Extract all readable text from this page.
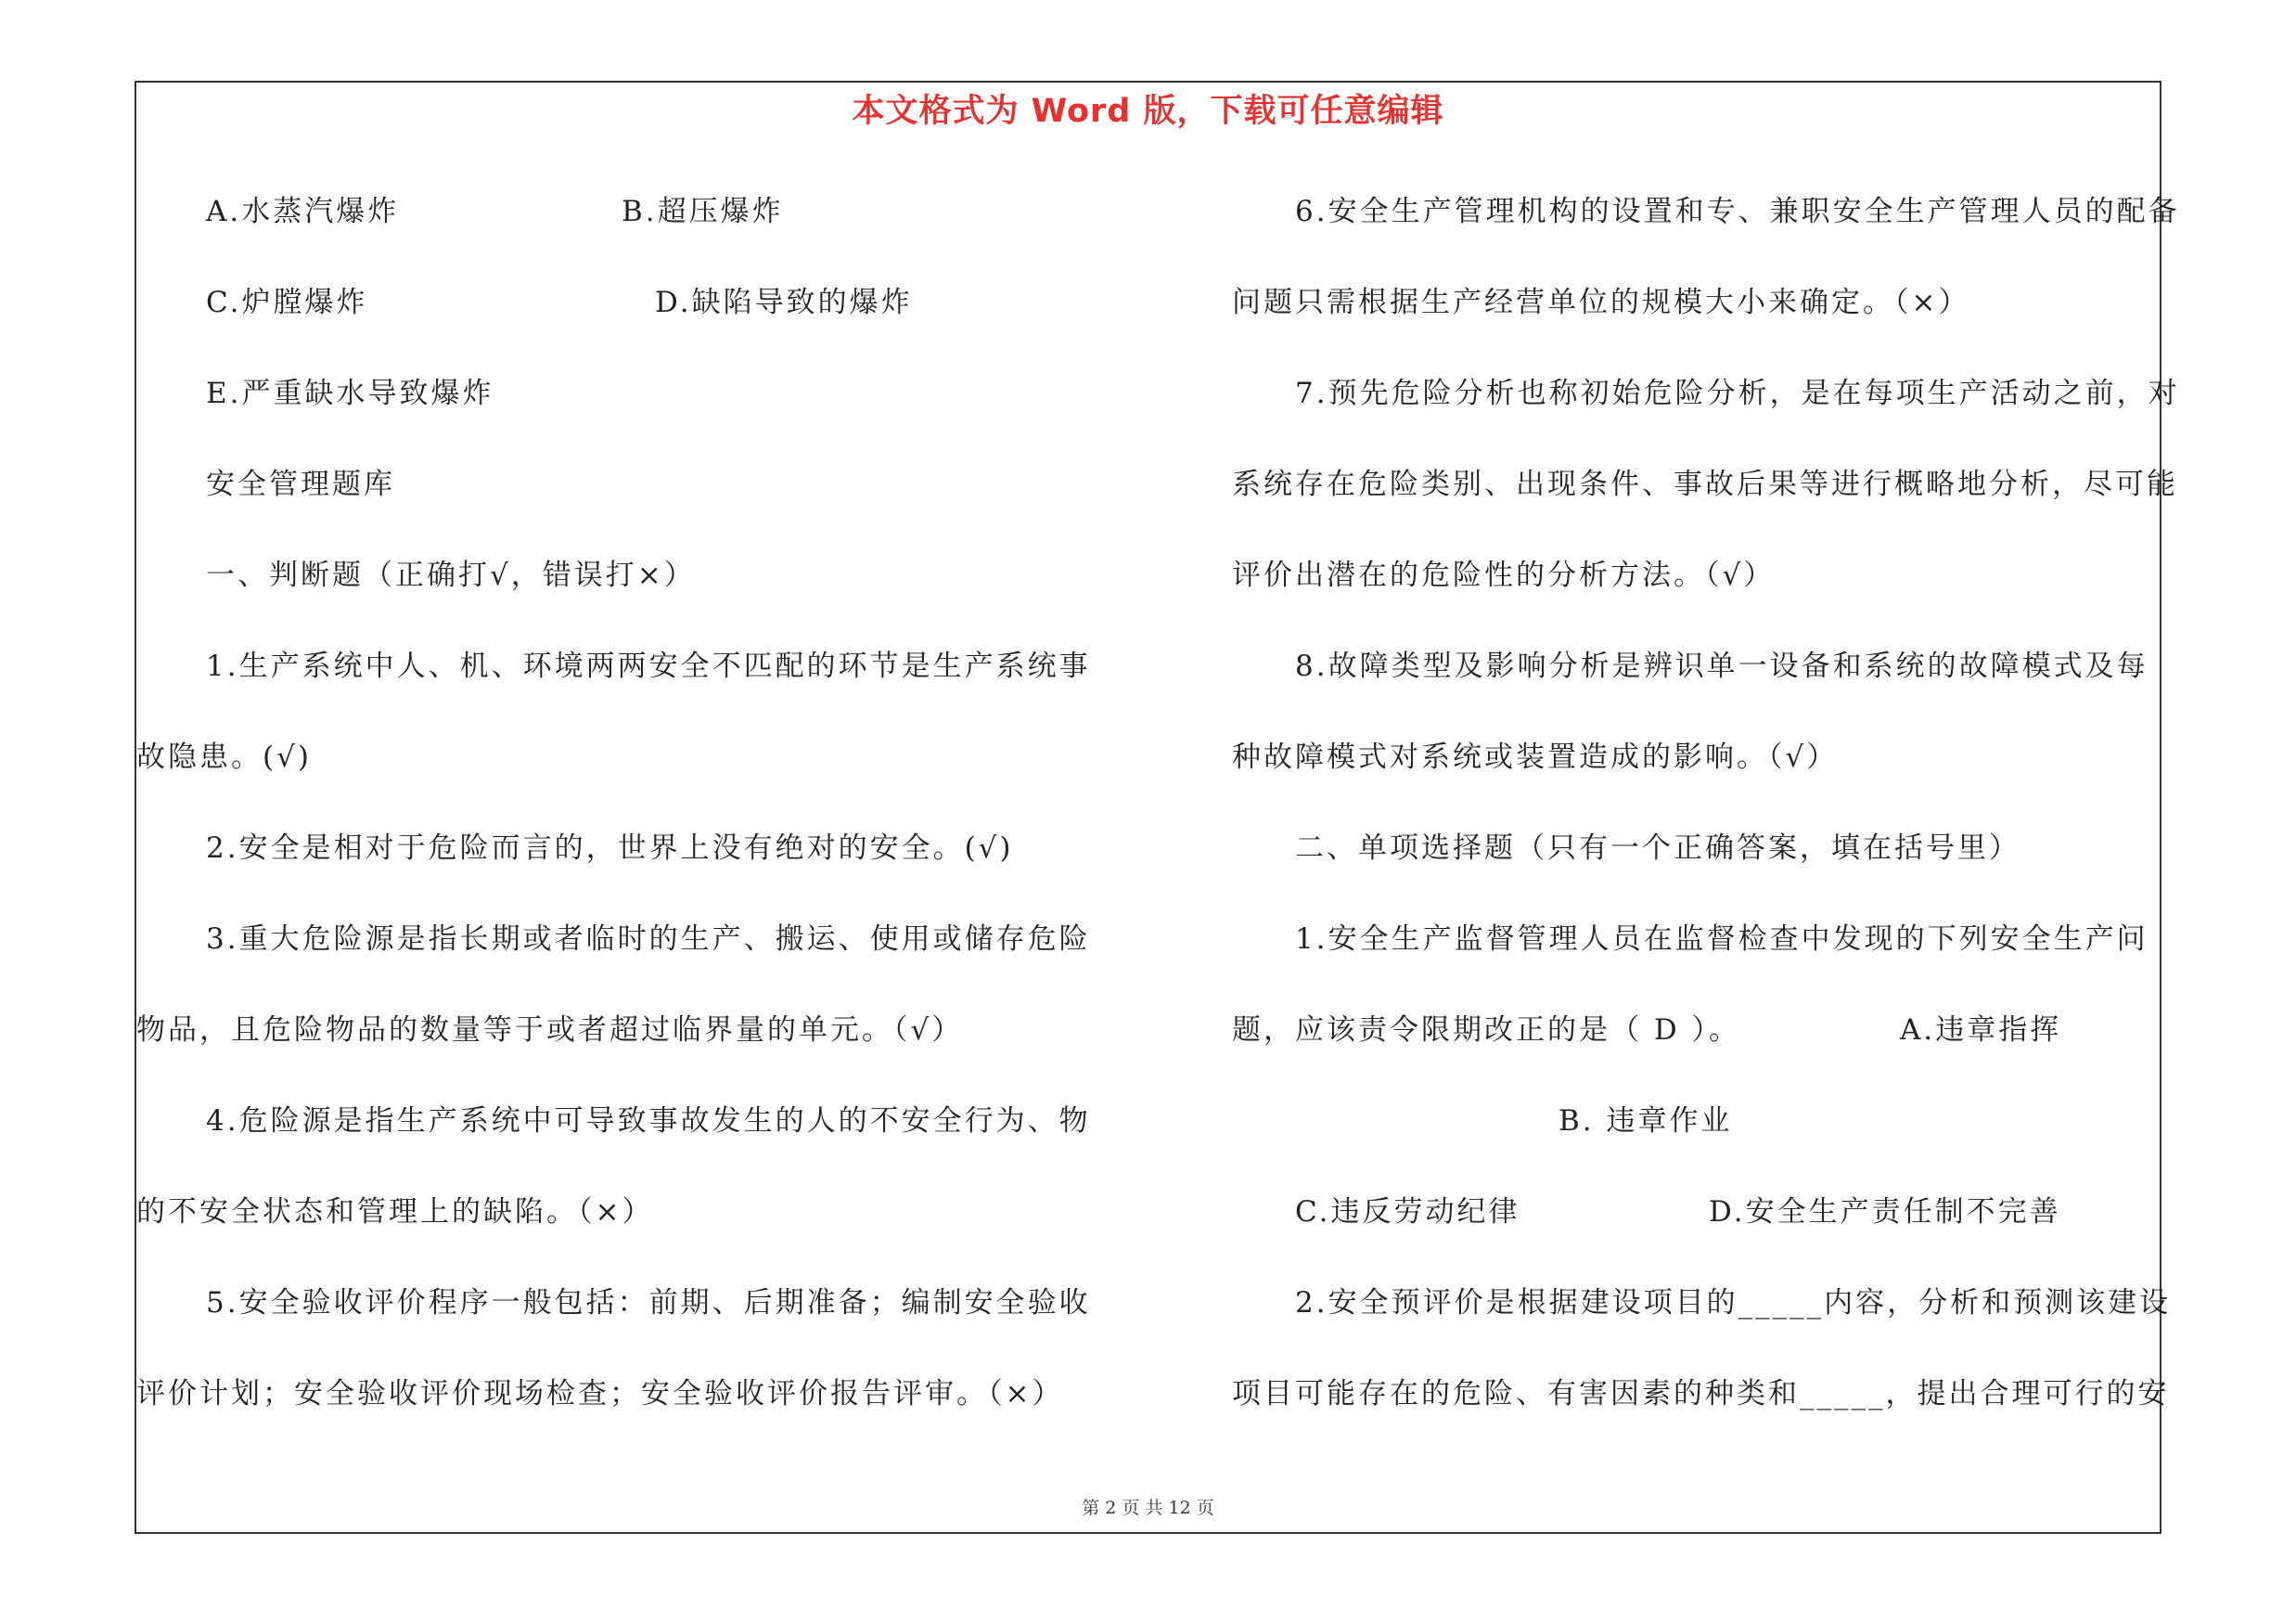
本文格式为 Word 版，下载可任意编辑
A.水蒸汽爆炸	B.超压爆炸
C.炉膛爆炸	D.缺陷导致的爆炸
E.严重缺水导致爆炸
安全管理题库
一、判断题（正确打√，错误打×）
1.生产系统中人、机、环境两两安全不匹配的环节是生产系统事
故隐患。(√)
2.安全是相对于危险而言的，世界上没有绝对的安全。(√)
3.重大危险源是指长期或者临时的生产、搬运、使用或储存危险
物品，且危险物品的数量等于或者超过临界量的单元。（√）
4.危险源是指生产系统中可导致事故发生的人的不安全行为、物
的不安全状态和管理上的缺陷。（×）
5.安全验收评价程序一般包括：前期、后期准备；编制安全验收
评价计划；安全验收评价现场检查；安全验收评价报告评审。（×）
6.安全生产管理机构的设置和专、兼职安全生产管理人员的配备
问题只需根据生产经营单位的规模大小来确定。（×）
7.预先危险分析也称初始危险分析，是在每项生产活动之前，对
系统存在危险类别、出现条件、事故后果等进行概略地分析，尽可能
评价出潜在的危险性的分析方法。（√）
8.故障类型及影响分析是辨识单一设备和系统的故障模式及每
种故障模式对系统或装置造成的影响。（√）
二、单项选择题（只有一个正确答案，填在括号里）
1.安全生产监督管理人员在监督检查中发现的下列安全生产问
题，应该责令限期改正的是（ D ）。	A.违章指挥
B. 违章作业
C.违反劳动纪律	D.安全生产责任制不完善
2.安全预评价是根据建设项目的_____内容，分析和预测该建设
项目可能存在的危险、有害因素的种类和_____，提出合理可行的安
第 2 页 共 12 页
